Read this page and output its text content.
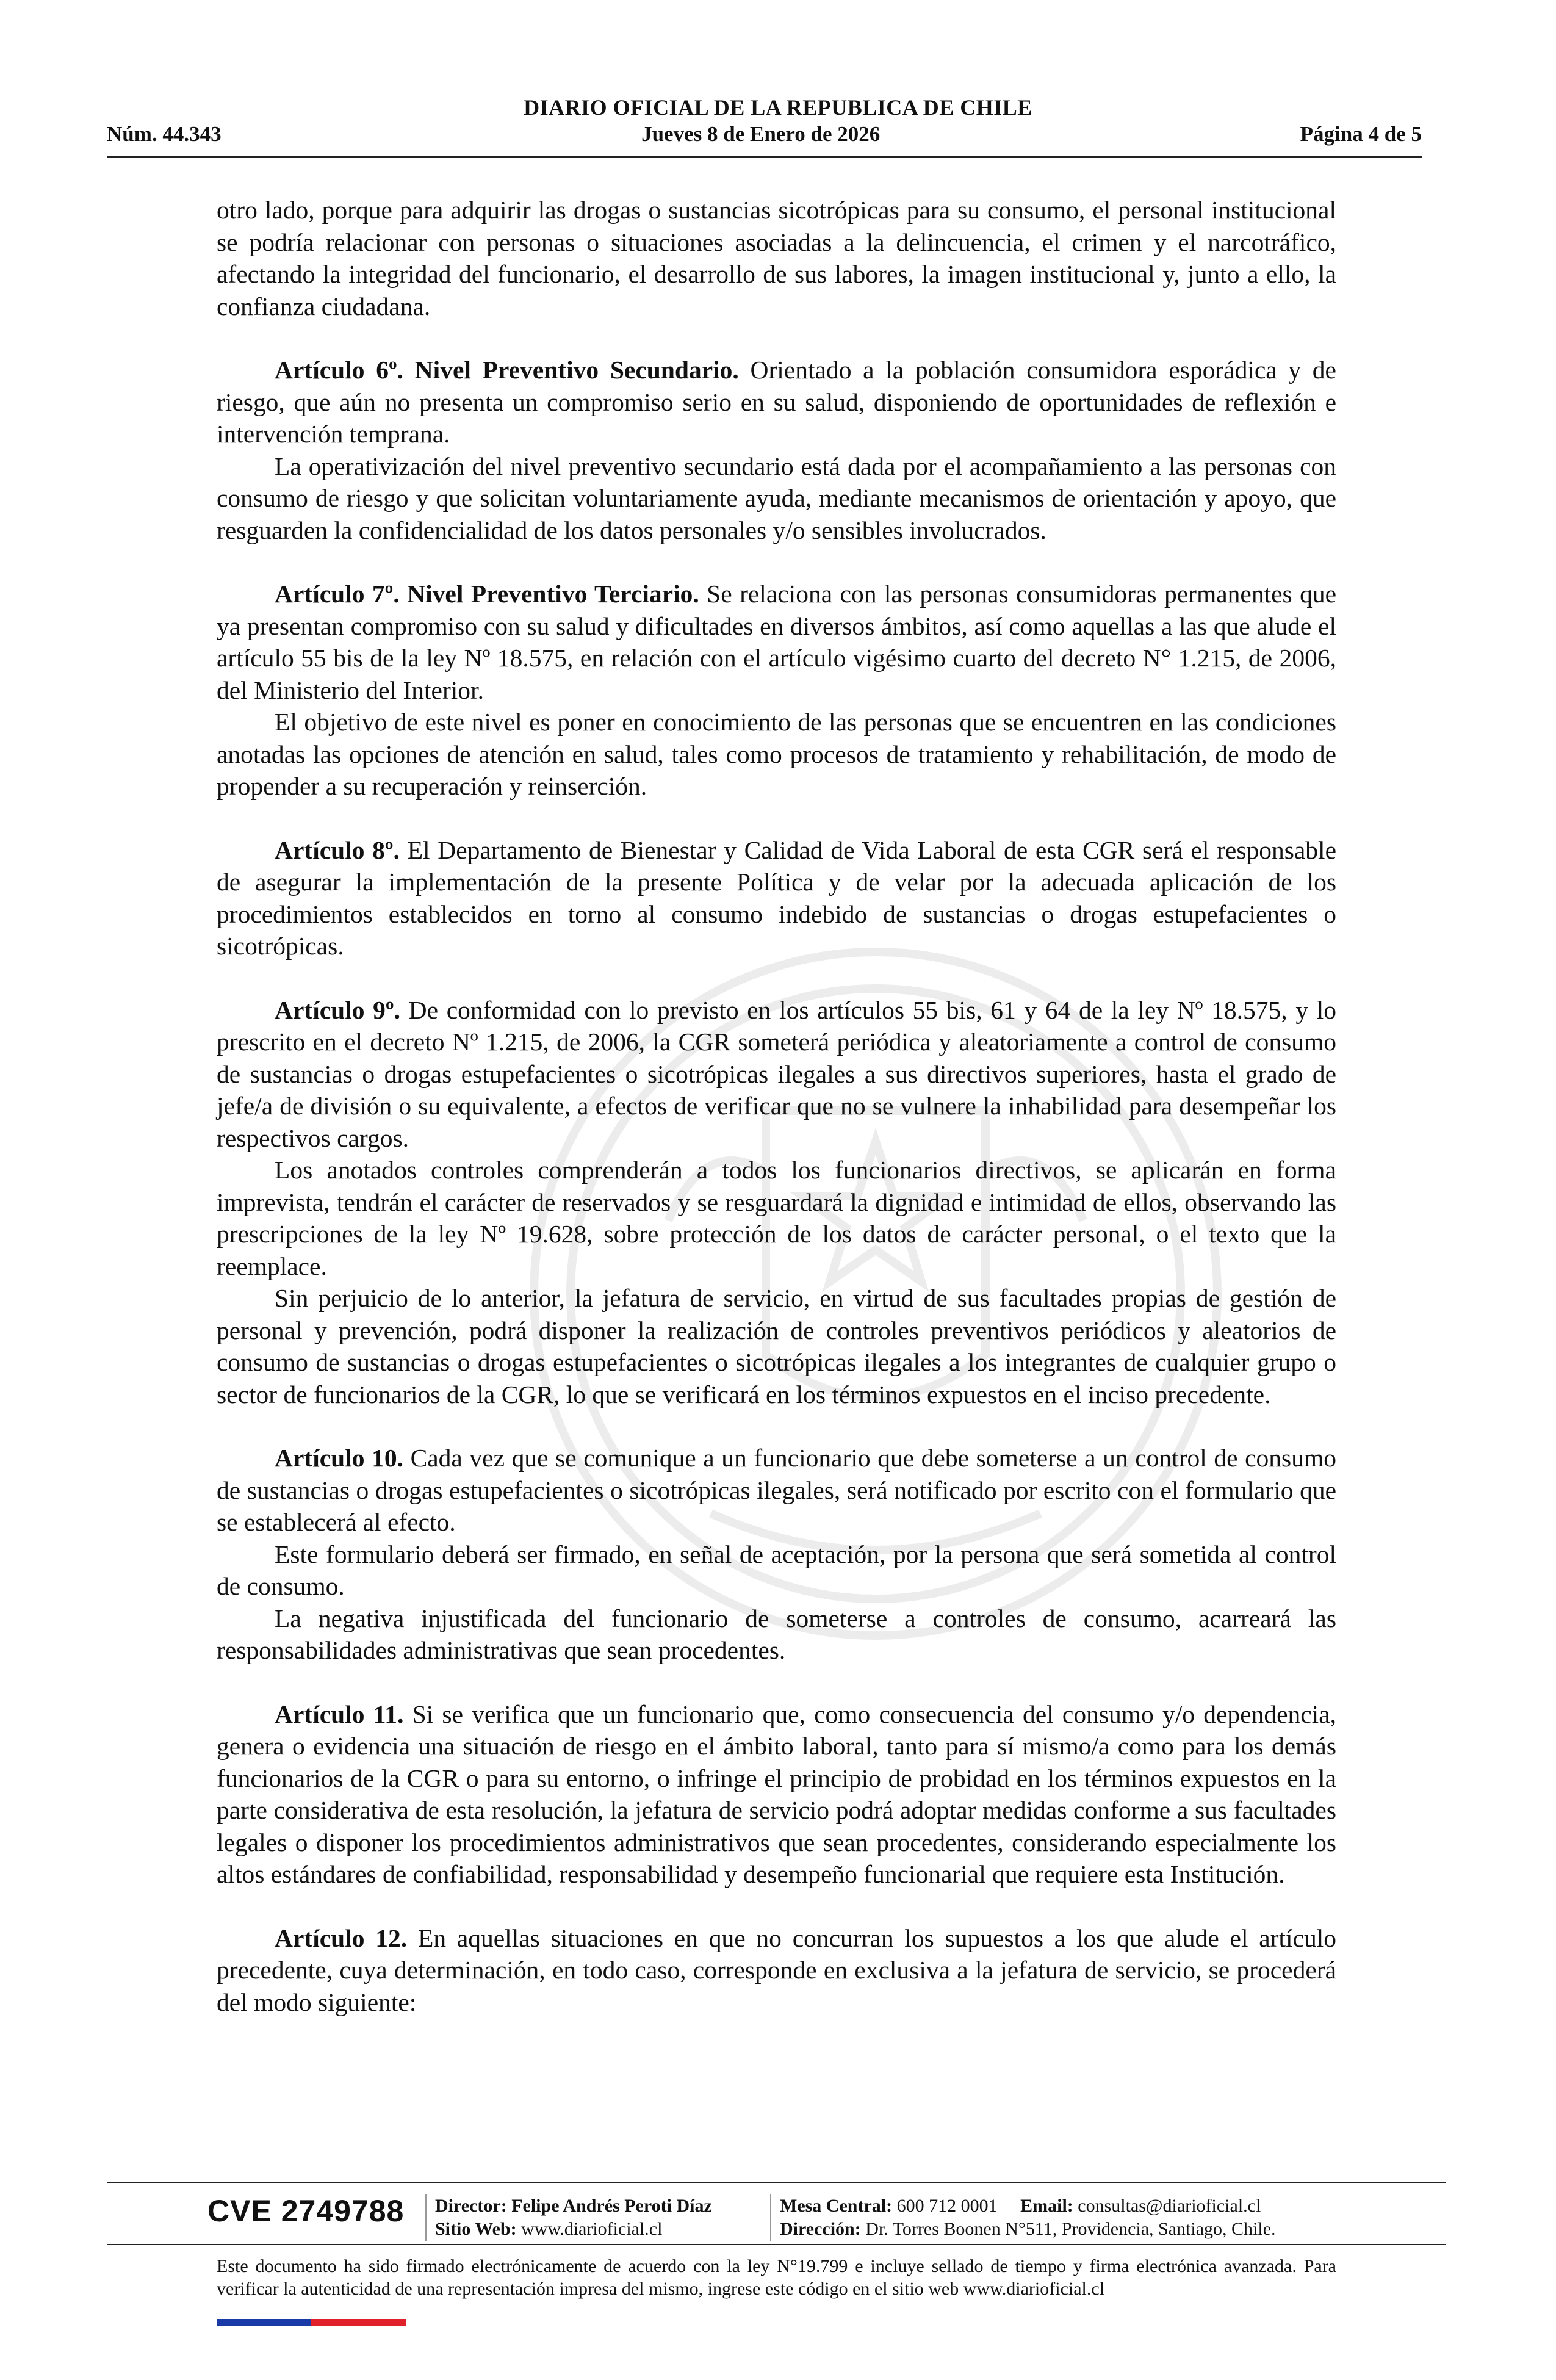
DIARIO OFICIAL DE LA REPUBLICA DE CHILE
Núm. 44.343	Jueves 8 de Enero de 2026	Página 4 de 5

otro lado, porque para adquirir las drogas o sustancias sicotrópicas para su consumo, el personal institucional se podría relacionar con personas o situaciones asociadas a la delincuencia, el crimen y el narcotráfico, afectando la integridad del funcionario, el desarrollo de sus labores, la imagen institucional y, junto a ello, la confianza ciudadana.

Artículo 6º. Nivel Preventivo Secundario. Orientado a la población consumidora esporádica y de riesgo, que aún no presenta un compromiso serio en su salud, disponiendo de oportunidades de reflexión e intervención temprana.

La operativización del nivel preventivo secundario está dada por el acompañamiento a las personas con consumo de riesgo y que solicitan voluntariamente ayuda, mediante mecanismos de orientación y apoyo, que resguarden la confidencialidad de los datos personales y/o sensibles involucrados.

Artículo 7º. Nivel Preventivo Terciario. Se relaciona con las personas consumidoras permanentes que ya presentan compromiso con su salud y dificultades en diversos ámbitos, así como aquellas a las que alude el artículo 55 bis de la ley Nº 18.575, en relación con el artículo vigésimo cuarto del decreto N° 1.215, de 2006, del Ministerio del Interior.

El objetivo de este nivel es poner en conocimiento de las personas que se encuentren en las condiciones anotadas las opciones de atención en salud, tales como procesos de tratamiento y rehabilitación, de modo de propender a su recuperación y reinserción.

Artículo 8º. El Departamento de Bienestar y Calidad de Vida Laboral de esta CGR será el responsable de asegurar la implementación de la presente Política y de velar por la adecuada aplicación de los procedimientos establecidos en torno al consumo indebido de sustancias o drogas estupefacientes o sicotrópicas.

Artículo 9º. De conformidad con lo previsto en los artículos 55 bis, 61 y 64 de la ley Nº 18.575, y lo prescrito en el decreto Nº 1.215, de 2006, la CGR someterá periódica y aleatoriamente a control de consumo de sustancias o drogas estupefacientes o sicotrópicas ilegales a sus directivos superiores, hasta el grado de jefe/a de división o su equivalente, a efectos de verificar que no se vulnere la inhabilidad para desempeñar los respectivos cargos.

Los anotados controles comprenderán a todos los funcionarios directivos, se aplicarán en forma imprevista, tendrán el carácter de reservados y se resguardará la dignidad e intimidad de ellos, observando las prescripciones de la ley Nº 19.628, sobre protección de los datos de carácter personal, o el texto que la reemplace.

Sin perjuicio de lo anterior, la jefatura de servicio, en virtud de sus facultades propias de gestión de personal y prevención, podrá disponer la realización de controles preventivos periódicos y aleatorios de consumo de sustancias o drogas estupefacientes o sicotrópicas ilegales a los integrantes de cualquier grupo o sector de funcionarios de la CGR, lo que se verificará en los términos expuestos en el inciso precedente.

Artículo 10. Cada vez que se comunique a un funcionario que debe someterse a un control de consumo de sustancias o drogas estupefacientes o sicotrópicas ilegales, será notificado por escrito con el formulario que se establecerá al efecto.

Este formulario deberá ser firmado, en señal de aceptación, por la persona que será sometida al control de consumo.

La negativa injustificada del funcionario de someterse a controles de consumo, acarreará las responsabilidades administrativas que sean procedentes.

Artículo 11. Si se verifica que un funcionario que, como consecuencia del consumo y/o dependencia, genera o evidencia una situación de riesgo en el ámbito laboral, tanto para sí mismo/a como para los demás funcionarios de la CGR o para su entorno, o infringe el principio de probidad en los términos expuestos en la parte considerativa de esta resolución, la jefatura de servicio podrá adoptar medidas conforme a sus facultades legales o disponer los procedimientos administrativos que sean procedentes, considerando especialmente los altos estándares de confiabilidad, responsabilidad y desempeño funcionarial que requiere esta Institución.

Artículo 12. En aquellas situaciones en que no concurran los supuestos a los que alude el artículo precedente, cuya determinación, en todo caso, corresponde en exclusiva a la jefatura de servicio, se procederá del modo siguiente:

CVE 2749788 Director: Felipe Andrés Peroti Díaz
Sitio Web: www.diarioficial.cl
Mesa Central: 600 712 0001 Email: consultas@diarioficial.cl
Dirección: Dr. Torres Boonen N°511, Providencia, Santiago, Chile.
Este documento ha sido firmado electrónicamente de acuerdo con la ley N°19.799 e incluye sellado de tiempo y firma electrónica avanzada. Para verificar la autenticidad de una representación impresa del mismo, ingrese este código en el sitio web www.diarioficial.cl
